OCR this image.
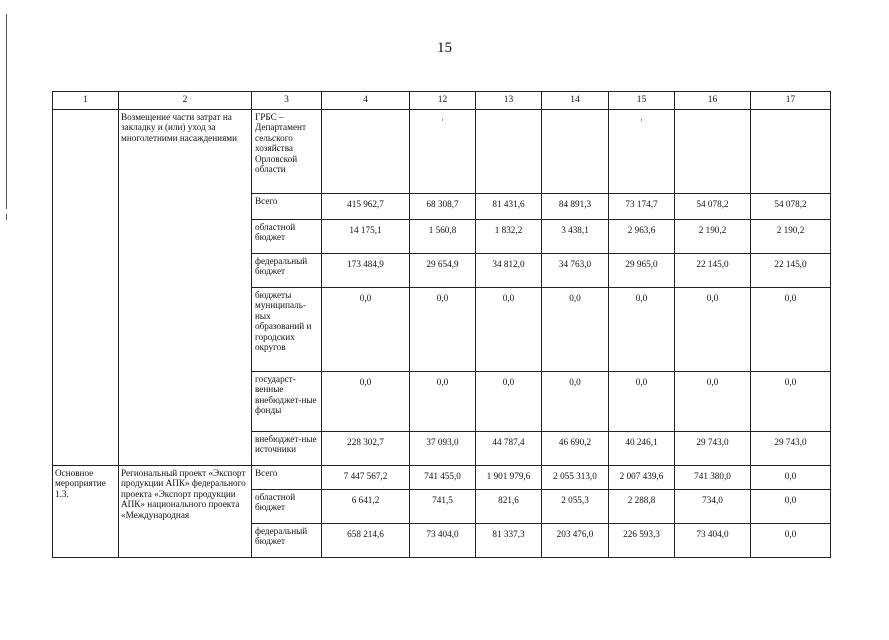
15
1	2	3	4	12	13	14	15	16	17
	Возмещение части затрат на закладку и (или) уход за многолетними насаждениями	ГРБС – Департамент сельского хозяйства Орловской области		·			·		
		Всего	415 962,7	68 308,7	81 431,6	84 891,3	73 174,7	54 078,2	54 078,2
		областной бюджет	14 175,1	1 560,8	1 832,2	3 438,1	2 963,6	2 190,2	2 190,2
		федеральный бюджет	173 484,9	29 654,9	34 812,0	34 763,0	29 965,0	22 145,0	22 145,0
		бюджеты муниципаль-ных образований и городских округов	0,0	0,0	0,0	0,0	0,0	0,0	0,0
		государст-венные внебюджет-ные фонды	0,0	0,0	0,0	0,0	0,0	0,0	0,0
		внебюджет-ные источники	228 302,7	37 093,0	44 787,4	46 690,2	40 246,1	29 743,0	29 743,0
Основное мероприятие 1.3.	Региональный проект «Экспорт продукции АПК» федерального проекта «Экспорт продукции АПК» национального проекта «Международная	Всего	7 447 567,2	741 455,0	1 901 979,6	2 055 313,0	2 007 439,6	741 380,0	0,0
		областной бюджет	6 641,2	741,5	821,6	2 055,3	2 288,8	734,0	0,0
		федеральный бюджет	658 214,6	73 404,0	81 337,3	203 476,0	226 593,3	73 404,0	0,0
